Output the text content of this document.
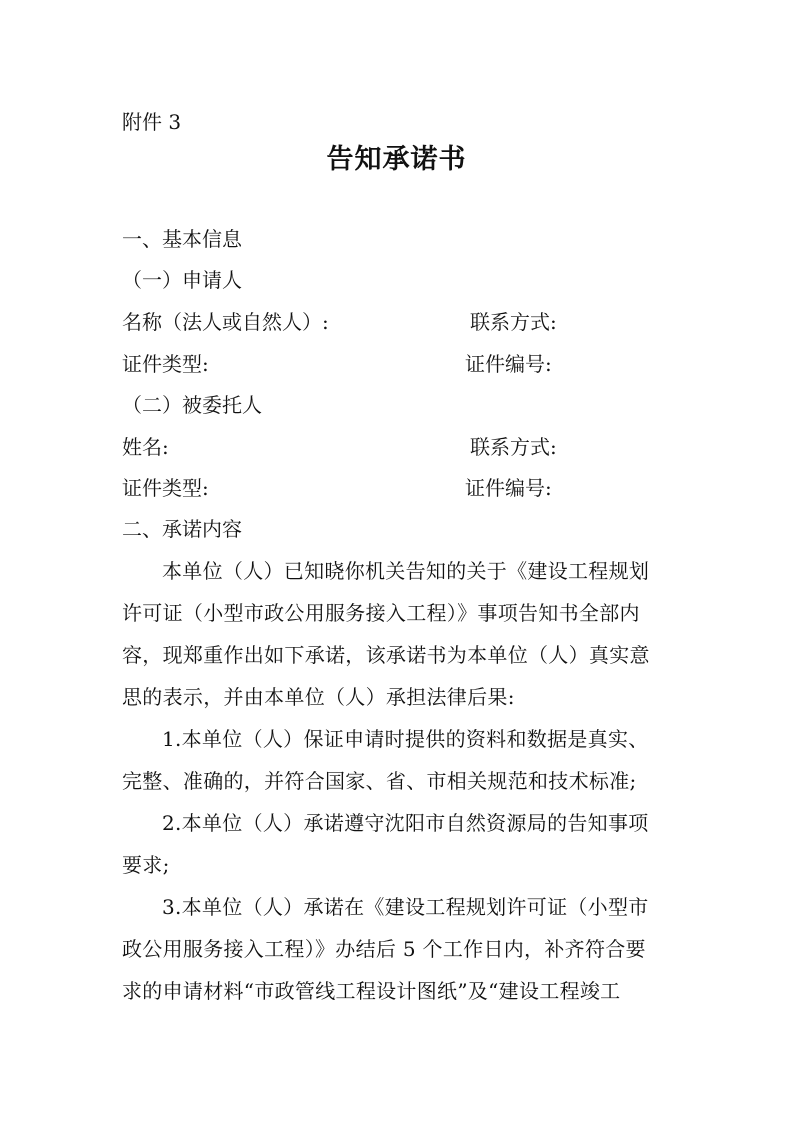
附件 3
告知承诺书
一、基本信息
（一）申请人
名称（法人或自然人）:	联系方式:
证件类型:	证件编号:
（二）被委托人
姓名:	联系方式:
证件类型:	证件编号:
二、承诺内容
本单位（人）已知晓你机关告知的关于《建设工程规划
许可证（小型市政公用服务接入工程）》事项告知书全部内
容，现郑重作出如下承诺，该承诺书为本单位（人）真实意
思的表示，并由本单位（人）承担法律后果:
1.本单位（人）保证申请时提供的资料和数据是真实、
完整、准确的，并符合国家、省、市相关规范和技术标准;
2.本单位（人）承诺遵守沈阳市自然资源局的告知事项
要求;
3.本单位（人）承诺在《建设工程规划许可证（小型市
政公用服务接入工程）》办结后 5 个工作日内，补齐符合要
求的申请材料“市政管线工程设计图纸”及“建设工程竣工
